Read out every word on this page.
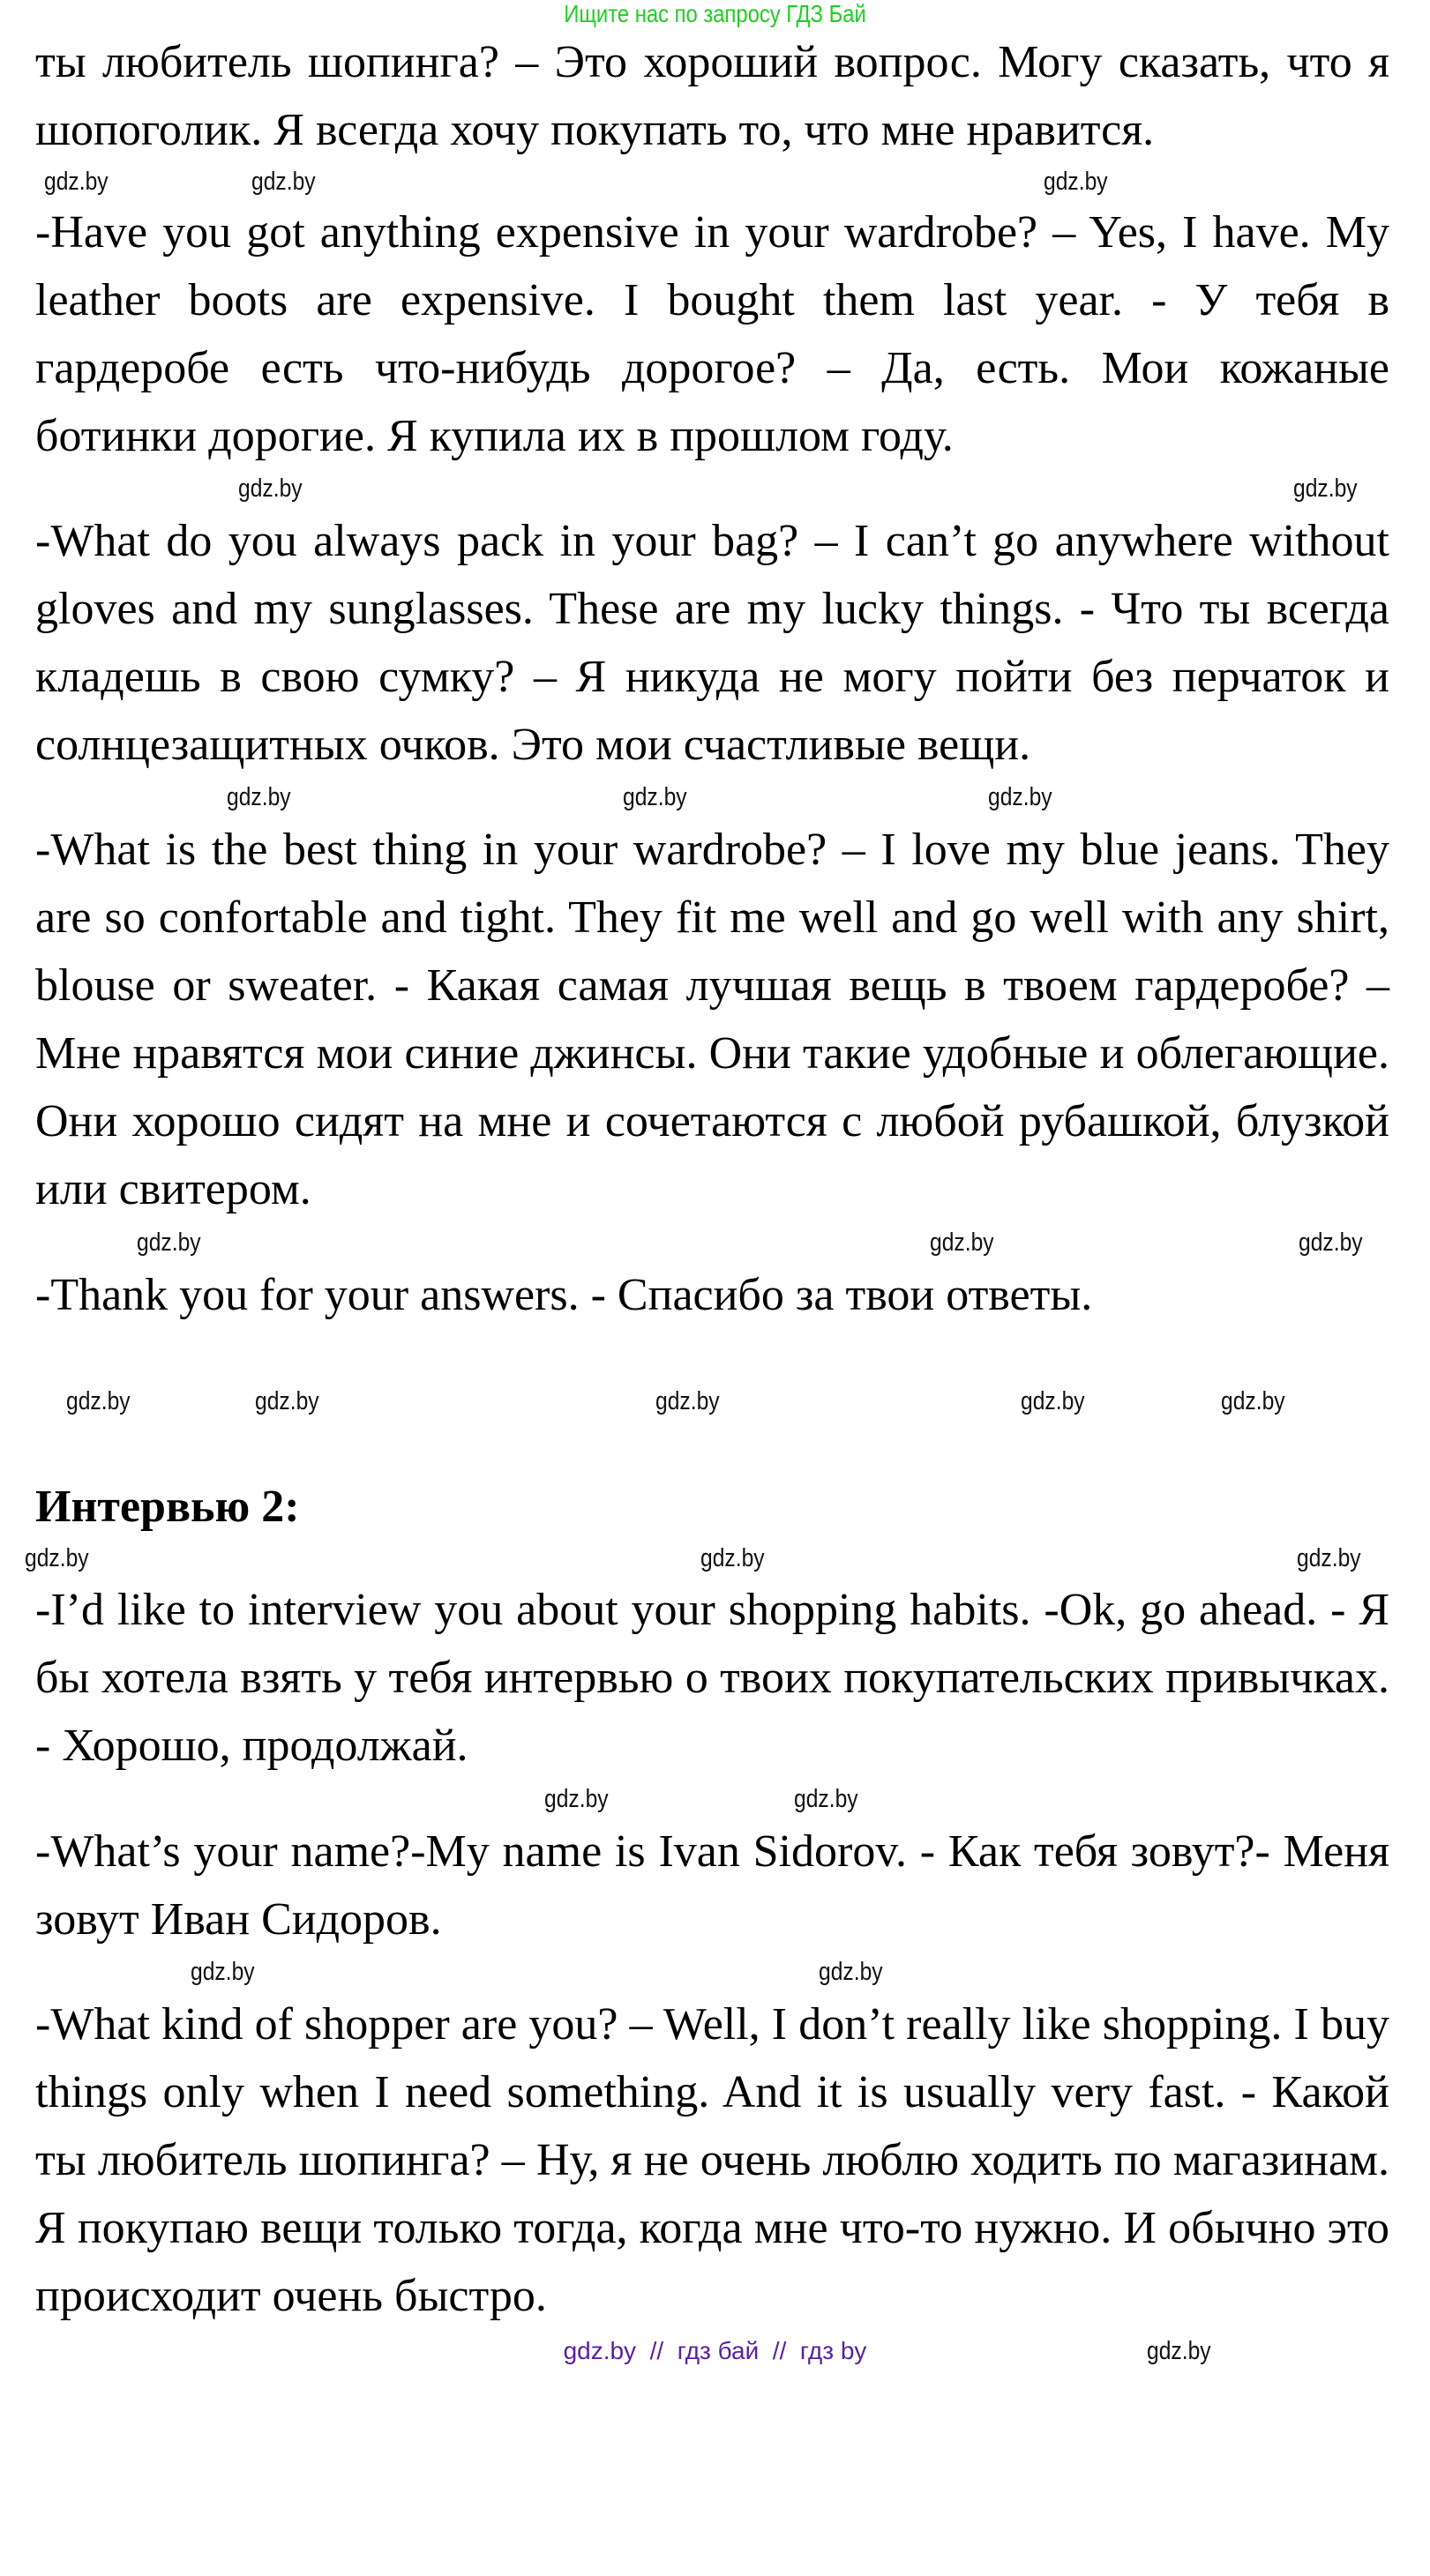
Ищите нас по запросу ГДЗ Бай

ты любитель шопинга? – Это хороший вопрос. Могу сказать, что я шопоголик. Я всегда хочу покупать то, что мне нравится.

gdz.by	gdz.by	gdz.by

-Have you got anything expensive in your wardrobe? – Yes, I have. My leather boots are expensive. I bought them last year. - У тебя в гардеробе есть что-нибудь дорогое? – Да, есть. Мои кожаные ботинки дорогие. Я купила их в прошлом году.

gdz.by	gdz.by

-What do you always pack in your bag? – I can’t go anywhere without gloves and my sunglasses. These are my lucky things. - Что ты всегда кладешь в свою сумку? – Я никуда не могу пойти без перчаток и солнцезащитных очков. Это мои счастливые вещи.

gdz.by	gdz.by	gdz.by

-What is the best thing in your wardrobe? – I love my blue jeans. They are so confortable and tight. They fit me well and go well with any shirt, blouse or sweater. - Какая самая лучшая вещь в твоем гардеробе? – Мне нравятся мои синие джинсы. Они такие удобные и облегающие. Они хорошо сидят на мне и сочетаются с любой рубашкой, блузкой или свитером.

gdz.by	gdz.by	gdz.by

-Thank you for your answers. - Спасибо за твои ответы.

gdz.by	gdz.by	gdz.by	gdz.by	gdz.by
Интервью 2:
gdz.by	gdz.by	gdz.by

-I’d like to interview you about your shopping habits. -Ok, go ahead. - Я бы хотела взять у тебя интервью о твоих покупательских привычках. - Хорошо, продолжай.

gdz.by	gdz.by

-What’s your name?-My name is Ivan Sidorov. - Как тебя зовут?- Меня зовут Иван Сидоров.

gdz.by	gdz.by

-What kind of shopper are you? – Well, I don’t really like shopping. I buy things only when I need something. And it is usually very fast. - Какой ты любитель шопинга? – Ну, я не очень люблю ходить по магазинам. Я покупаю вещи только тогда, когда мне что-то нужно. И обычно это происходит очень быстро.

gdz.by  //  гдз бай  //  гдз by	gdz.by
